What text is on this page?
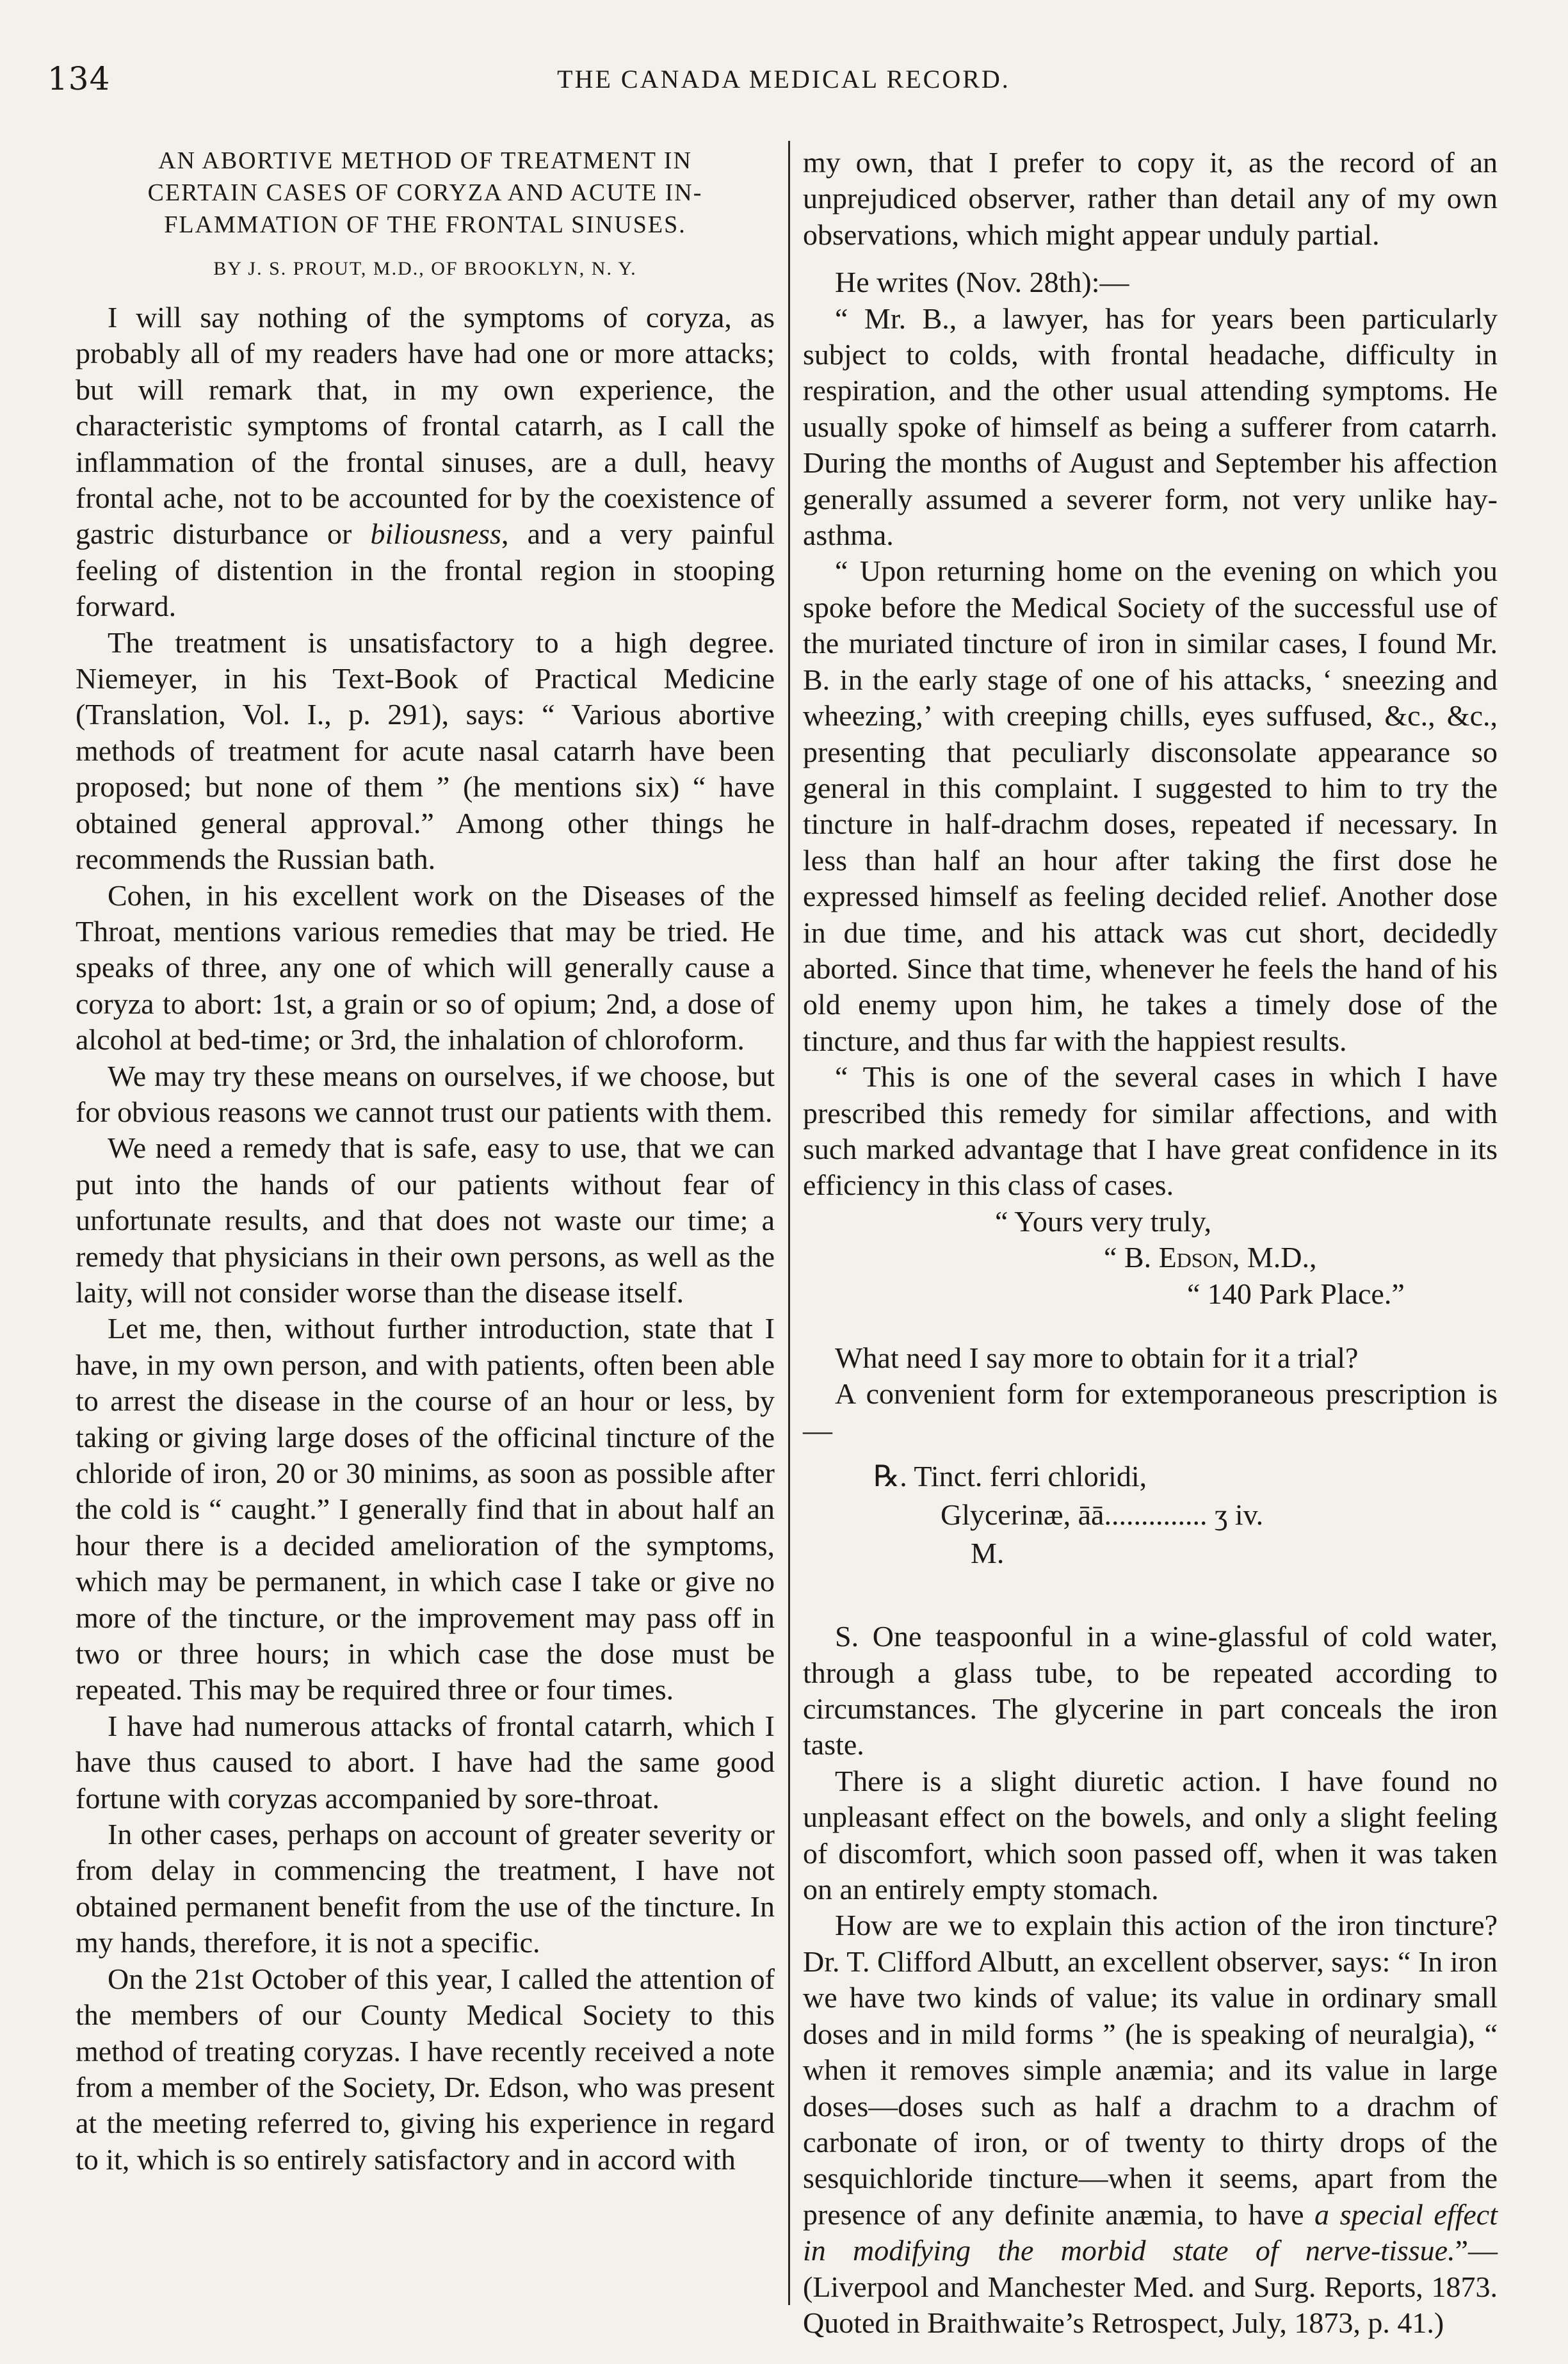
134	THE CANADA MEDICAL RECORD.
AN ABORTIVE METHOD OF TREATMENT IN
CERTAIN CASES OF CORYZA AND ACUTE IN-
FLAMMATION OF THE FRONTAL SINUSES.
BY J. S. PROUT, M.D., OF BROOKLYN, N. Y.

I will say nothing of the symptoms of coryza, as probably all of my readers have had one or more attacks; but will remark that, in my own experience, the characteristic symptoms of frontal catarrh, as I call the inflammation of the frontal sinuses, are a dull, heavy frontal ache, not to be accounted for by the coexistence of gastric disturbance or biliousness, and a very painful feeling of distention in the frontal region in stooping forward.

The treatment is unsatisfactory to a high degree. Niemeyer, in his Text-Book of Practical Medicine (Translation, Vol. I., p. 291), says: “ Various abortive methods of treatment for acute nasal catarrh have been proposed; but none of them ” (he mentions six) “ have obtained general approval.” Among other things he recommends the Russian bath.

Cohen, in his excellent work on the Diseases of the Throat, mentions various remedies that may be tried. He speaks of three, any one of which will generally cause a coryza to abort: 1st, a grain or so of opium; 2nd, a dose of alcohol at bed-time; or 3rd, the inhalation of chloroform.

We may try these means on ourselves, if we choose, but for obvious reasons we cannot trust our patients with them.

We need a remedy that is safe, easy to use, that we can put into the hands of our patients without fear of unfortunate results, and that does not waste our time; a remedy that physicians in their own persons, as well as the laity, will not consider worse than the disease itself.

Let me, then, without further introduction, state that I have, in my own person, and with patients, often been able to arrest the disease in the course of an hour or less, by taking or giving large doses of the officinal tincture of the chloride of iron, 20 or 30 minims, as soon as possible after the cold is “ caught.” I generally find that in about half an hour there is a decided amelioration of the symptoms, which may be permanent, in which case I take or give no more of the tincture, or the improvement may pass off in two or three hours; in which case the dose must be repeated. This may be required three or four times.

I have had numerous attacks of frontal catarrh, which I have thus caused to abort. I have had the same good fortune with coryzas accompanied by sore-throat.

In other cases, perhaps on account of greater severity or from delay in commencing the treatment, I have not obtained permanent benefit from the use of the tincture. In my hands, therefore, it is not a specific.

On the 21st October of this year, I called the attention of the members of our County Medical Society to this method of treating coryzas. I have recently received a note from a member of the Society, Dr. Edson, who was present at the meeting referred to, giving his experience in regard to it, which is so entirely satisfactory and in accord with

my own, that I prefer to copy it, as the record of an unprejudiced observer, rather than detail any of my own observations, which might appear unduly partial.

He writes (Nov. 28th):—

“ Mr. B., a lawyer, has for years been particularly subject to colds, with frontal headache, difficulty in respiration, and the other usual attending symptoms. He usually spoke of himself as being a sufferer from catarrh. During the months of August and September his affection generally assumed a severer form, not very unlike hay-asthma.

“ Upon returning home on the evening on which you spoke before the Medical Society of the successful use of the muriated tincture of iron in similar cases, I found Mr. B. in the early stage of one of his attacks, ‘ sneezing and wheezing,’ with creeping chills, eyes suffused, &c., &c., presenting that peculiarly disconsolate appearance so general in this complaint. I suggested to him to try the tincture in half-drachm doses, repeated if necessary. In less than half an hour after taking the first dose he expressed himself as feeling decided relief. Another dose in due time, and his attack was cut short, decidedly aborted. Since that time, whenever he feels the hand of his old enemy upon him, he takes a timely dose of the tincture, and thus far with the happiest results.

“ This is one of the several cases in which I have prescribed this remedy for similar affections, and with such marked advantage that I have great confidence in its efficiency in this class of cases.

“ Yours very truly,

“ B. Edson, M.D.,

“ 140 Park Place.”

What need I say more to obtain for it a trial?

A convenient form for extemporaneous prescription is—

℞. Tinct. ferri chloridi,
Glycerinæ, āā.............. ʒ iv.
M.

S. One teaspoonful in a wine-glassful of cold water, through a glass tube, to be repeated according to circumstances. The glycerine in part conceals the iron taste.

There is a slight diuretic action. I have found no unpleasant effect on the bowels, and only a slight feeling of discomfort, which soon passed off, when it was taken on an entirely empty stomach.

How are we to explain this action of the iron tincture? Dr. T. Clifford Albutt, an excellent observer, says: “ In iron we have two kinds of value; its value in ordinary small doses and in mild forms ” (he is speaking of neuralgia), “ when it removes simple anæmia; and its value in large doses—doses such as half a drachm to a drachm of carbonate of iron, or of twenty to thirty drops of the sesquichloride tincture—when it seems, apart from the presence of any definite anæmia, to have a special effect in modifying the morbid state of nerve-tissue.”—(Liverpool and Manchester Med. and Surg. Reports, 1873. Quoted in Braithwaite’s Retrospect, July, 1873, p. 41.)
